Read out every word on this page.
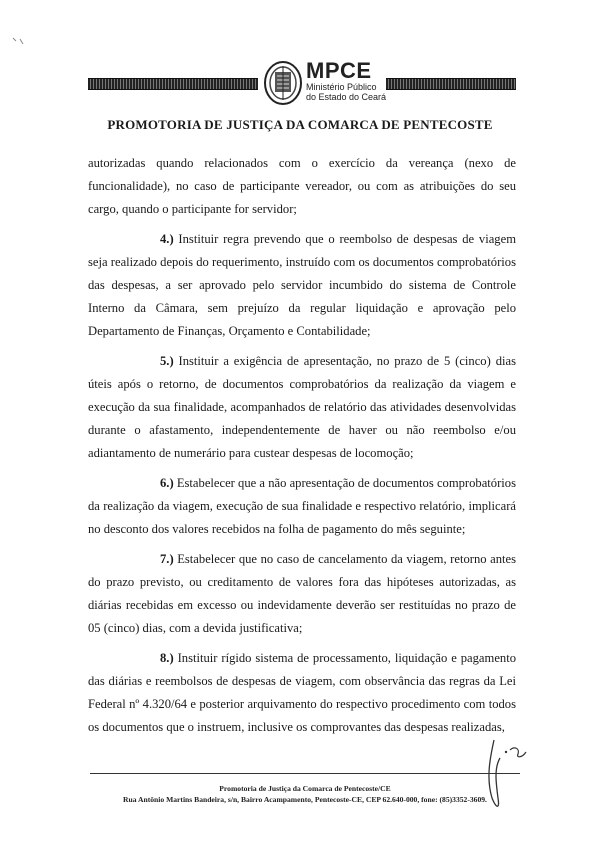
MPCE
Ministério Público
do Estado do Ceará
PROMOTORIA DE JUSTIÇA DA COMARCA DE PENTECOSTE

autorizadas quando relacionados com o exercício da vereança (nexo de funcionalidade), no caso de participante vereador, ou com as atribuições do seu cargo, quando o participante for servidor;

4.) Instituir regra prevendo que o reembolso de despesas de viagem seja realizado depois do requerimento, instruído com os documentos comprobatórios das despesas, a ser aprovado pelo servidor incumbido do sistema de Controle Interno da Câmara, sem prejuízo da regular liquidação e aprovação pelo Departamento de Finanças, Orçamento e Contabilidade;

5.) Instituir a exigência de apresentação, no prazo de 5 (cinco) dias úteis após o retorno, de documentos comprobatórios da realização da viagem e execução da sua finalidade, acompanhados de relatório das atividades desenvolvidas durante o afastamento, independentemente de haver ou não reembolso e/ou adiantamento de numerário para custear despesas de locomoção;

6.) Estabelecer que a não apresentação de documentos comprobatórios da realização da viagem, execução de sua finalidade e respectivo relatório, implicará no desconto dos valores recebidos na folha de pagamento do mês seguinte;

7.) Estabelecer que no caso de cancelamento da viagem, retorno antes do prazo previsto, ou creditamento de valores fora das hipóteses autorizadas, as diárias recebidas em excesso ou indevidamente deverão ser restituídas no prazo de 05 (cinco) dias, com a devida justificativa;

8.) Instituir rígido sistema de processamento, liquidação e pagamento das diárias e reembolsos de despesas de viagem, com observância das regras da Lei Federal nº 4.320/64 e posterior arquivamento do respectivo procedimento com todos os documentos que o instruem, inclusive os comprovantes das despesas realizadas,

Promotoria de Justiça da Comarca de Pentecoste/CE
Rua Antônio Martins Bandeira, s/n, Bairro Acampamento, Pentecoste-CE, CEP 62.640-000, fone: (85)3352-3609.
